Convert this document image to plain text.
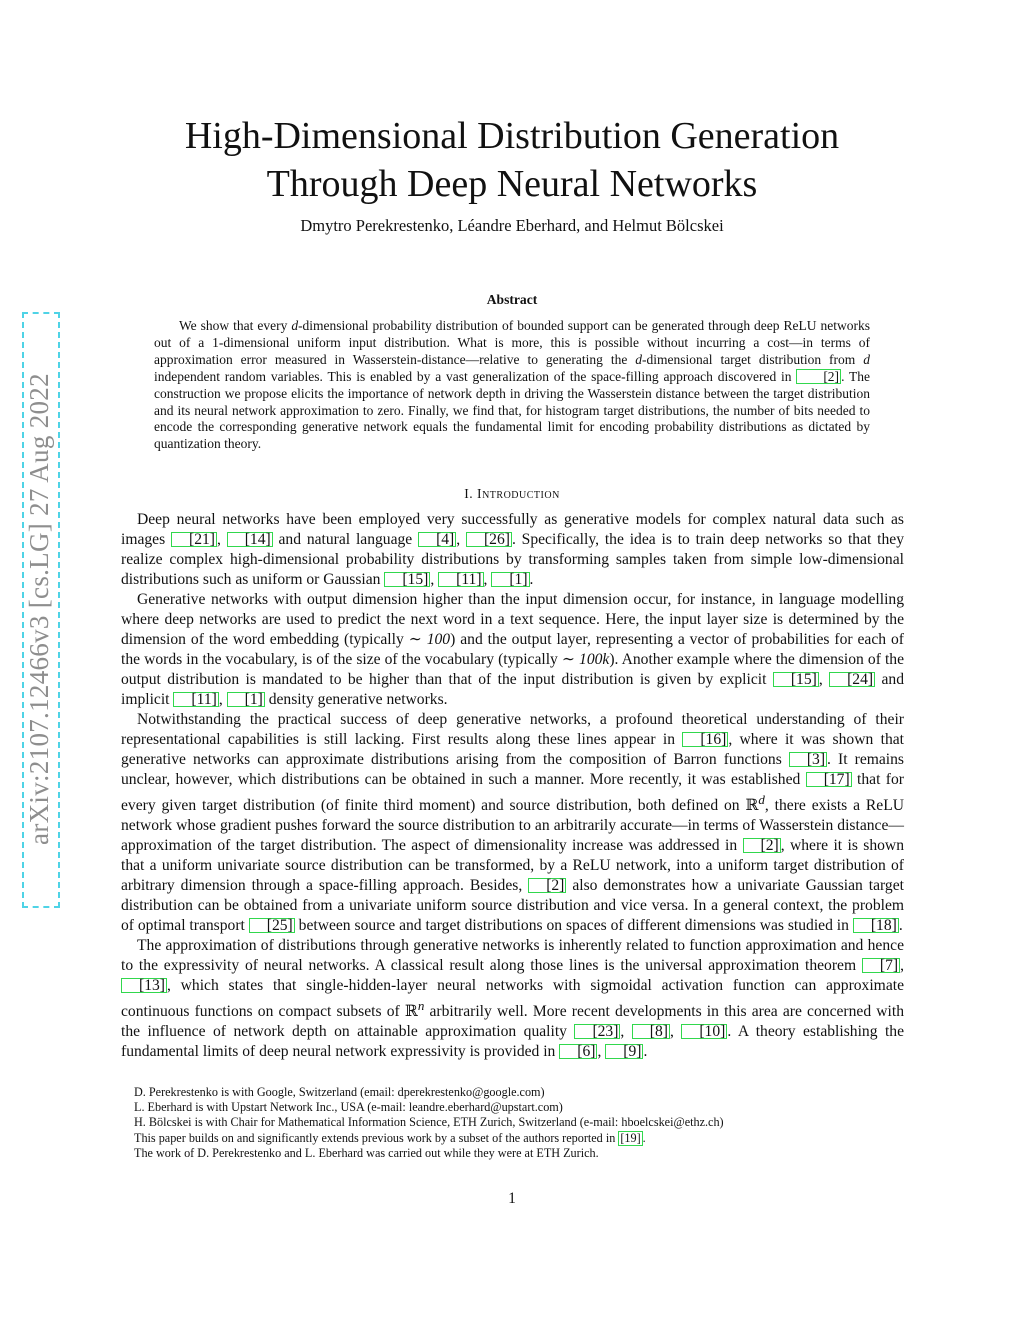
arXiv:2107.12466v3 [cs.LG] 27 Aug 2022
High-Dimensional Distribution Generation
Through Deep Neural Networks
Dmytro Perekrestenko, Léandre Eberhard, and Helmut Bölcskei
Abstract

We show that every d-dimensional probability distribution of bounded support can be generated through deep ReLU networks out of a 1-dimensional uniform input distribution. What is more, this is possible without incurring a cost—in terms of approximation error measured in Wasserstein-distance—relative to generating the d-dimensional target distribution from d independent random variables. This is enabled by a vast generalization of the space-filling approach discovered in [2] . The construction we propose elicits the importance of network depth in driving the Wasserstein distance between the target distribution and its neural network approximation to zero. Finally, we find that, for histogram target distributions, the number of bits needed to encode the corresponding generative network equals the fundamental limit for encoding probability distributions as dictated by quantization theory.

I. Introduction

Deep neural networks have been employed very successfully as generative models for complex natural data such as images [21] , [14] and natural language [4] , [26] . Specifically, the idea is to train deep networks so that they realize complex high-dimensional probability distributions by transforming samples taken from simple low-dimensional distributions such as uniform or Gaussian [15] , [11] , [1] .

Generative networks with output dimension higher than the input dimension occur, for instance, in language modelling where deep networks are used to predict the next word in a text sequence. Here, the input layer size is determined by the dimension of the word embedding (typically ∼ 100) and the output layer, representing a vector of probabilities for each of the words in the vocabulary, is of the size of the vocabulary (typically ∼ 100k). Another example where the dimension of the output distribution is mandated to be higher than that of the input distribution is given by explicit [15] , [24] and implicit [11] , [1] density generative networks.

Notwithstanding the practical success of deep generative networks, a profound theoretical understanding of their representational capabilities is still lacking. First results along these lines appear in [16] , where it was shown that generative networks can approximate distributions arising from the composition of Barron functions [3] . It remains unclear, however, which distributions can be obtained in such a manner. More recently, it was established [17] that for every given target distribution (of finite third moment) and source distribution, both defined on ℝ$^d$, there exists a ReLU network whose gradient pushes forward the source distribution to an arbitrarily accurate—in terms of Wasserstein distance—approximation of the target distribution. The aspect of dimensionality increase was addressed in [2] , where it is shown that a uniform univariate source distribution can be transformed, by a ReLU network, into a uniform target distribution of arbitrary dimension through a space-filling approach. Besides, [2] also demonstrates how a univariate Gaussian target distribution can be obtained from a univariate uniform source distribution and vice versa. In a general context, the problem of optimal transport [25] between source and target distributions on spaces of different dimensions was studied in [18] .

The approximation of distributions through generative networks is inherently related to function approximation and hence to the expressivity of neural networks. A classical result along those lines is the universal approximation theorem [7] , [13] , which states that single-hidden-layer neural networks with sigmoidal activation function can approximate continuous functions on compact subsets of ℝ$^n$ arbitrarily well. More recent developments in this area are concerned with the influence of network depth on attainable approximation quality [23] , [8] , [10] . A theory establishing the fundamental limits of deep neural network expressivity is provided in [6] , [9] .

D. Perekrestenko is with Google, Switzerland (email: dperekrestenko@google.com)
L. Eberhard is with Upstart Network Inc., USA (e-mail: leandre.eberhard@upstart.com)
H. Bölcskei is with Chair for Mathematical Information Science, ETH Zurich, Switzerland (e-mail: hboelcskei@ethz.ch)
This paper builds on and significantly extends previous work by a subset of the authors reported in [19] .
The work of D. Perekrestenko and L. Eberhard was carried out while they were at ETH Zurich.
1
